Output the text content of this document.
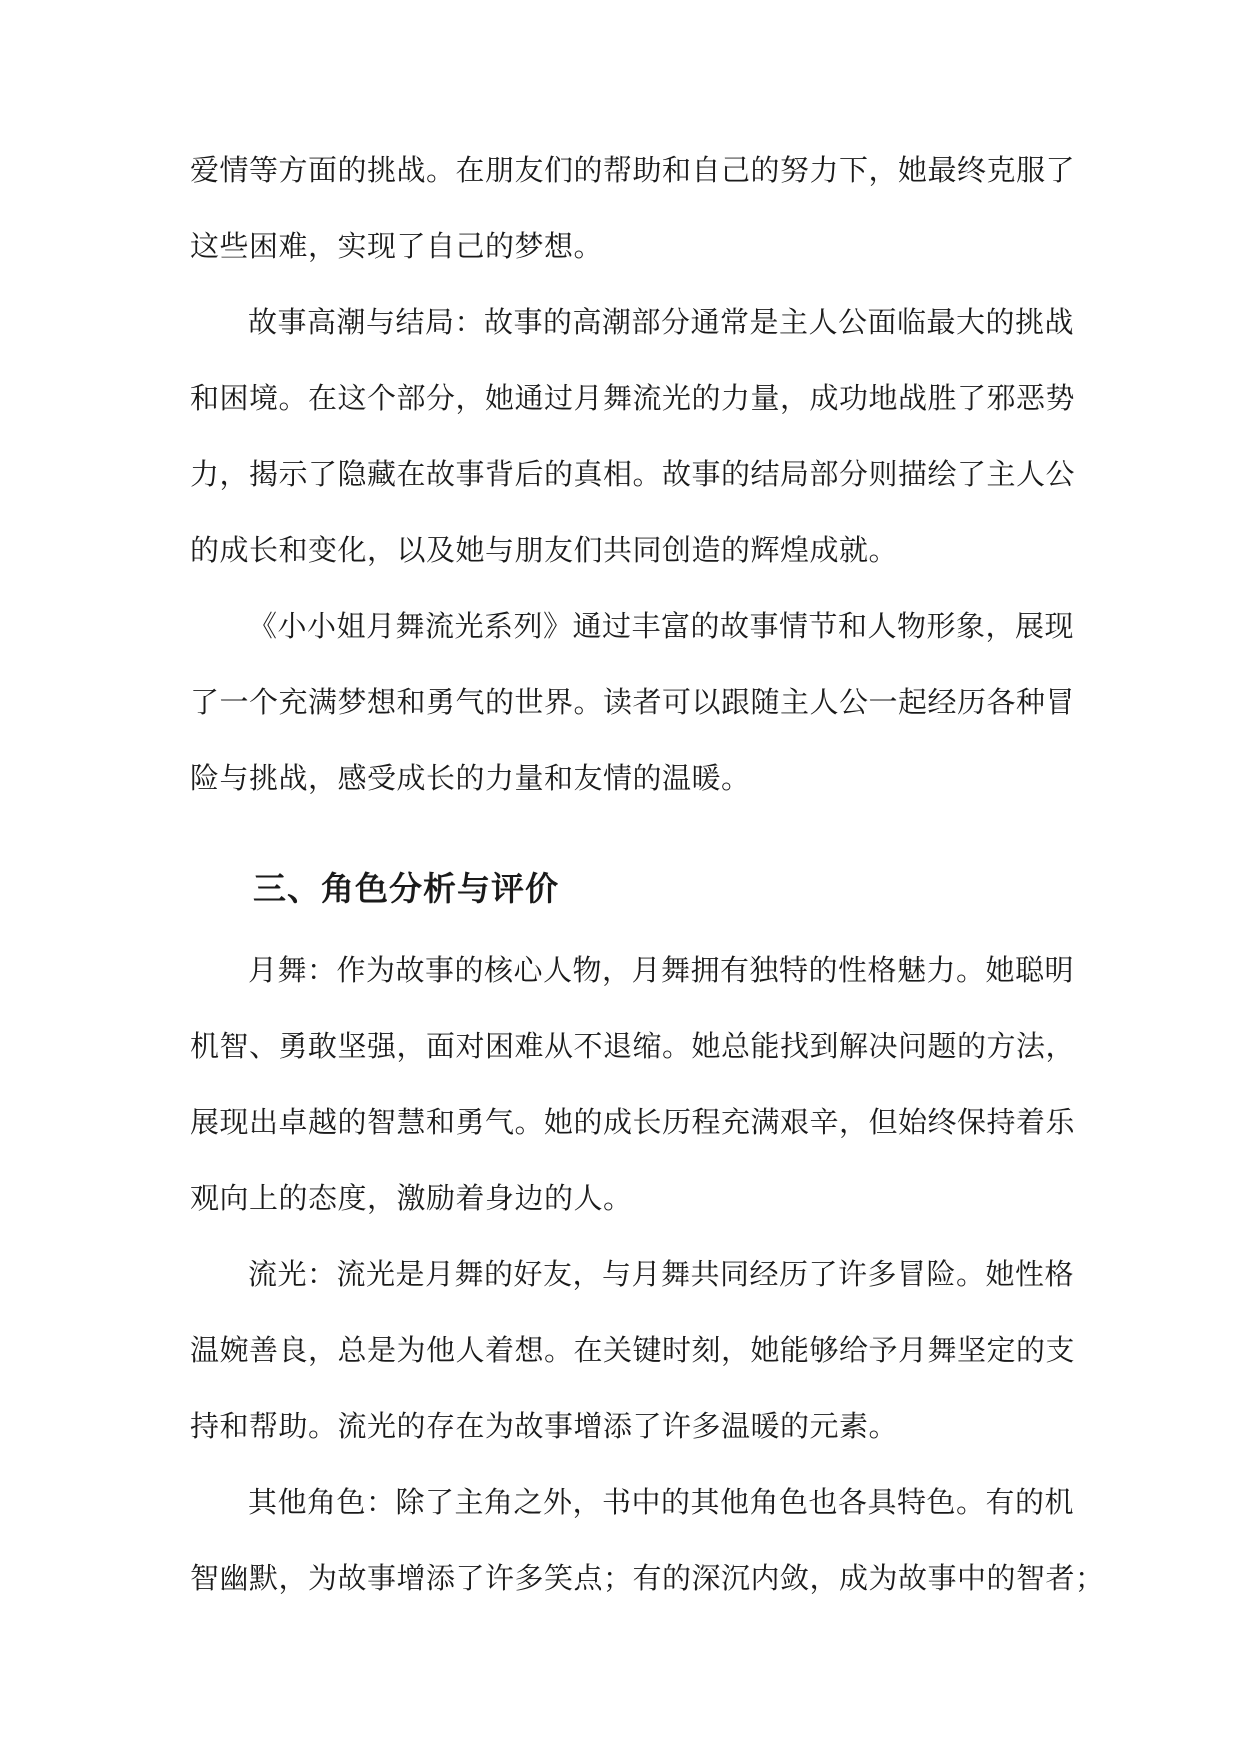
爱情等方面的挑战。在朋友们的帮助和自己的努力下，她最终克服了

这些困难，实现了自己的梦想。

故事高潮与结局：故事的高潮部分通常是主人公面临最大的挑战

和困境。在这个部分，她通过月舞流光的力量，成功地战胜了邪恶势

力，揭示了隐藏在故事背后的真相。故事的结局部分则描绘了主人公

的成长和变化，以及她与朋友们共同创造的辉煌成就。

《小小姐月舞流光系列》通过丰富的故事情节和人物形象，展现

了一个充满梦想和勇气的世界。读者可以跟随主人公一起经历各种冒

险与挑战，感受成长的力量和友情的温暖。

三、角色分析与评价

月舞：作为故事的核心人物，月舞拥有独特的性格魅力。她聪明

机智、勇敢坚强，面对困难从不退缩。她总能找到解决问题的方法，

展现出卓越的智慧和勇气。她的成长历程充满艰辛，但始终保持着乐

观向上的态度，激励着身边的人。

流光：流光是月舞的好友，与月舞共同经历了许多冒险。她性格

温婉善良，总是为他人着想。在关键时刻，她能够给予月舞坚定的支

持和帮助。流光的存在为故事增添了许多温暖的元素。

其他角色：除了主角之外，书中的其他角色也各具特色。有的机

智幽默，为故事增添了许多笑点；有的深沉内敛，成为故事中的智者；
